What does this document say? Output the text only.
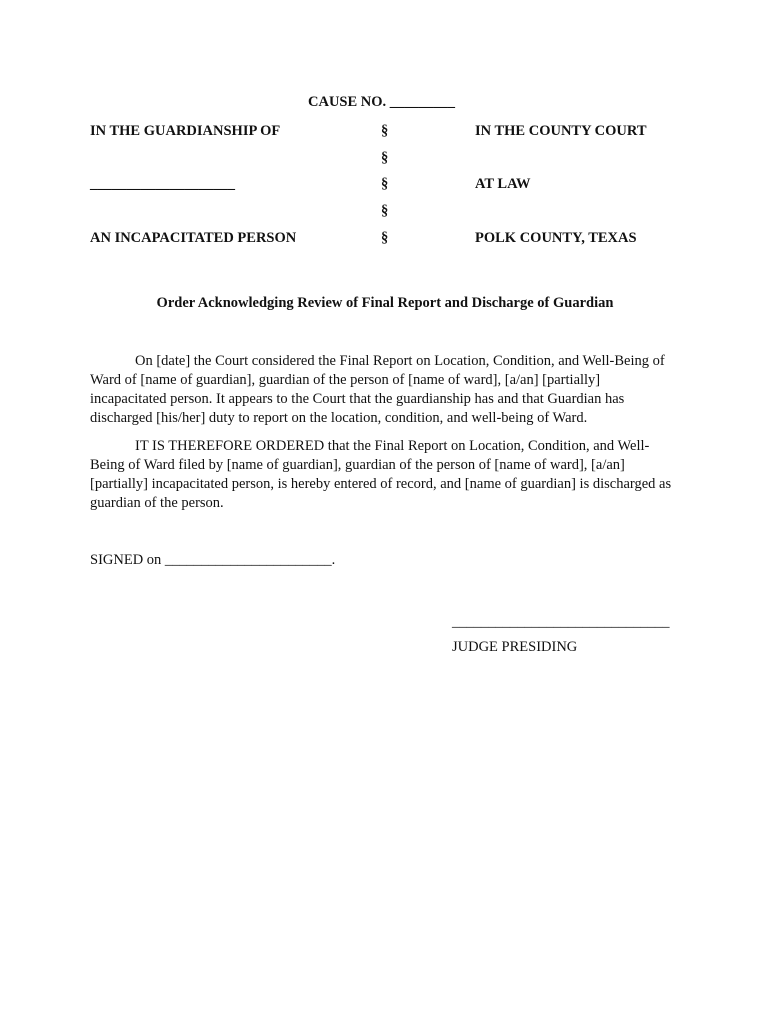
CAUSE NO. _________
IN THE GUARDIANSHIP OF
____________________
AN INCAPACITATED PERSON
§
§
§
§
§
IN THE COUNTY COURT
AT LAW
POLK COUNTY, TEXAS
Order Acknowledging Review of Final Report and Discharge of Guardian

On [date] the Court considered the Final Report on Location, Condition, and Well-Being of Ward of [name of guardian], guardian of the person of [name of ward], [a/an] [partially] incapacitated person. It appears to the Court that the guardianship has and that Guardian has discharged [his/her] duty to report on the location, condition, and well-being of Ward.

IT IS THEREFORE ORDERED that the Final Report on Location, Condition, and Well-Being of Ward filed by [name of guardian], guardian of the person of [name of ward], [a/an] [partially] incapacitated person, is hereby entered of record, and [name of guardian] is discharged as guardian of the person.

SIGNED on _______________________.
______________________________
JUDGE PRESIDING
